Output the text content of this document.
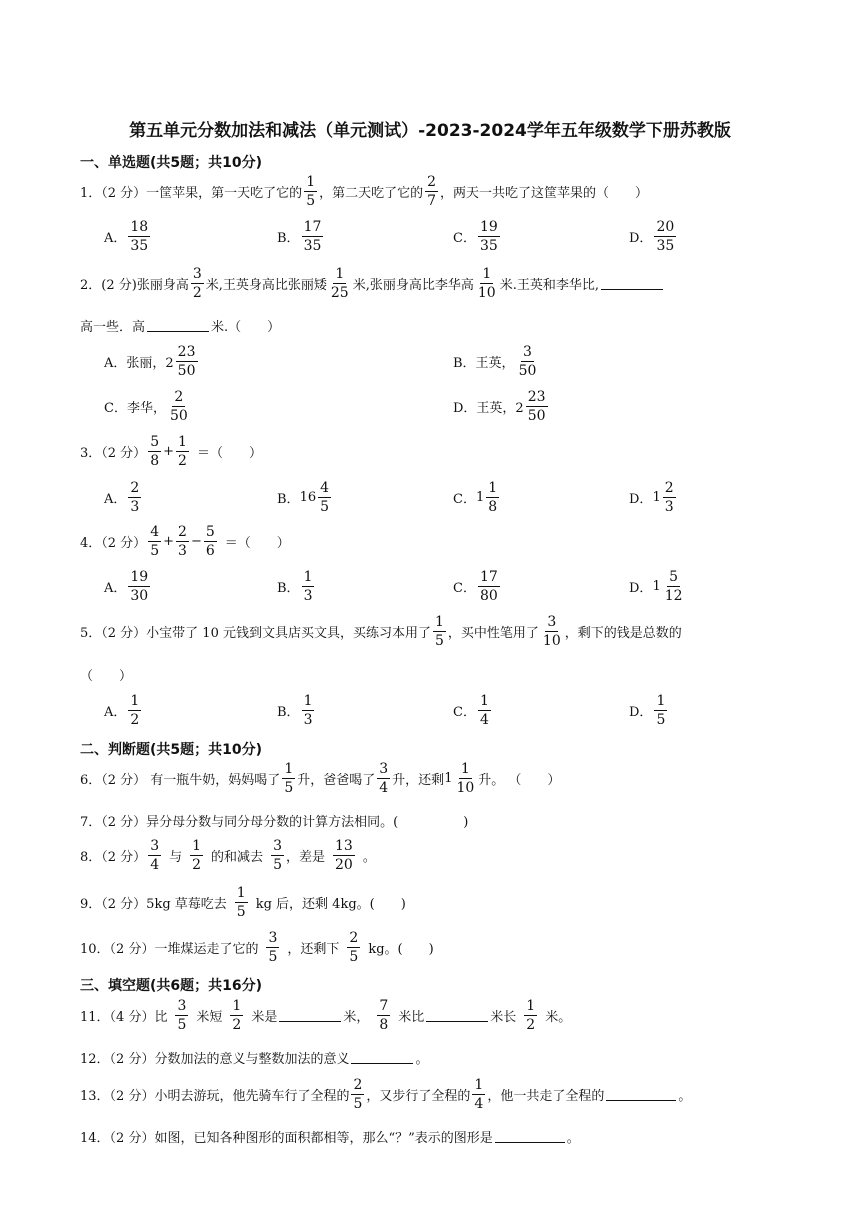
第五单元分数加法和减法（单元测试）-2023-2024学年五年级数学下册苏教版
一、单选题(共5题；共10分)
1．（2 分）一筐苹果，第一天吃了它的 $\frac{1}{5}$ ，第二天吃了它的 $\frac{2}{7}$ ，两天一共吃了这筐苹果的（　　）
A． $\frac{18}{35}$	B． $\frac{17}{35}$	C． $\frac{19}{35}$	D． $\frac{20}{35}$
2．(2 分)张丽身高 $\frac{3}{2}$ 米,王英身高比张丽矮 $\frac{1}{25}$ 米,张丽身高比李华高 $\frac{1}{10}$ 米.王英和李华比,
高一些．高	米.（　　）
A．张丽，$2 \frac{23}{50}$	B．王英， $\frac{3}{50}$
C．李华， $\frac{2}{50}$	D．王英，$2 \frac{23}{50}$
3．（2 分） $\frac{5}{8} + \frac{1}{2}$ ＝（　　）
A． $\frac{2}{3}$	B． $16 \frac{4}{5}$	C． $1 \frac{1}{8}$	D． $1 \frac{2}{3}$
4．（2 分） $\frac{4}{5} + \frac{2}{3} - \frac{5}{6}$ ＝（　　）
A． $\frac{19}{30}$	B． $\frac{1}{3}$	C． $\frac{17}{80}$	D． $1 \frac{5}{12}$
5．（2 分）小宝带了 10 元钱到文具店买文具，买练习本用了 $\frac{1}{5}$ ，买中性笔用了 $\frac{3}{10}$ ，剩下的钱是总数的
（　　）
A． $\frac{1}{2}$	B． $\frac{1}{3}$	C． $\frac{1}{4}$	D． $\frac{1}{5}$
二、判断题(共5题；共10分)
6．（2 分） 有一瓶牛奶，妈妈喝了 $\frac{1}{5}$ 升，爸爸喝了 $\frac{3}{4}$ 升，还剩 $1 \frac{1}{10}$ 升。 （　　）
7．（2 分）异分母分数与同分母分数的计算方法相同。(　　　　　)
8．（2 分） $\frac{3}{4}$ 与 $\frac{1}{2}$ 的和减去 $\frac{3}{5}$ ，差是 $\frac{13}{20}$ 。
9．（2 分）5kg 草莓吃去 $\frac{1}{5}$ kg 后，还剩 4kg。(　　)
10．（2 分）一堆煤运走了它的 $\frac{3}{5}$ ，还剩下 $\frac{2}{5}$ kg。(　　)
三、填空题(共6题；共16分)
11．（4 分）比 $\frac{3}{5}$ 米短 $\frac{1}{2}$ 米是	米， $\frac{7}{8}$ 米比	米长 $\frac{1}{2}$ 米。
12．（2 分）分数加法的意义与整数加法的意义	。
13．（2 分）小明去游玩，他先骑车行了全程的 $\frac{2}{5}$ ，又步行了全程的 $\frac{1}{4}$ ，他一共走了全程的	。
14．（2 分）如图，已知各种图形的面积都相等，那么“？”表示的图形是	。
